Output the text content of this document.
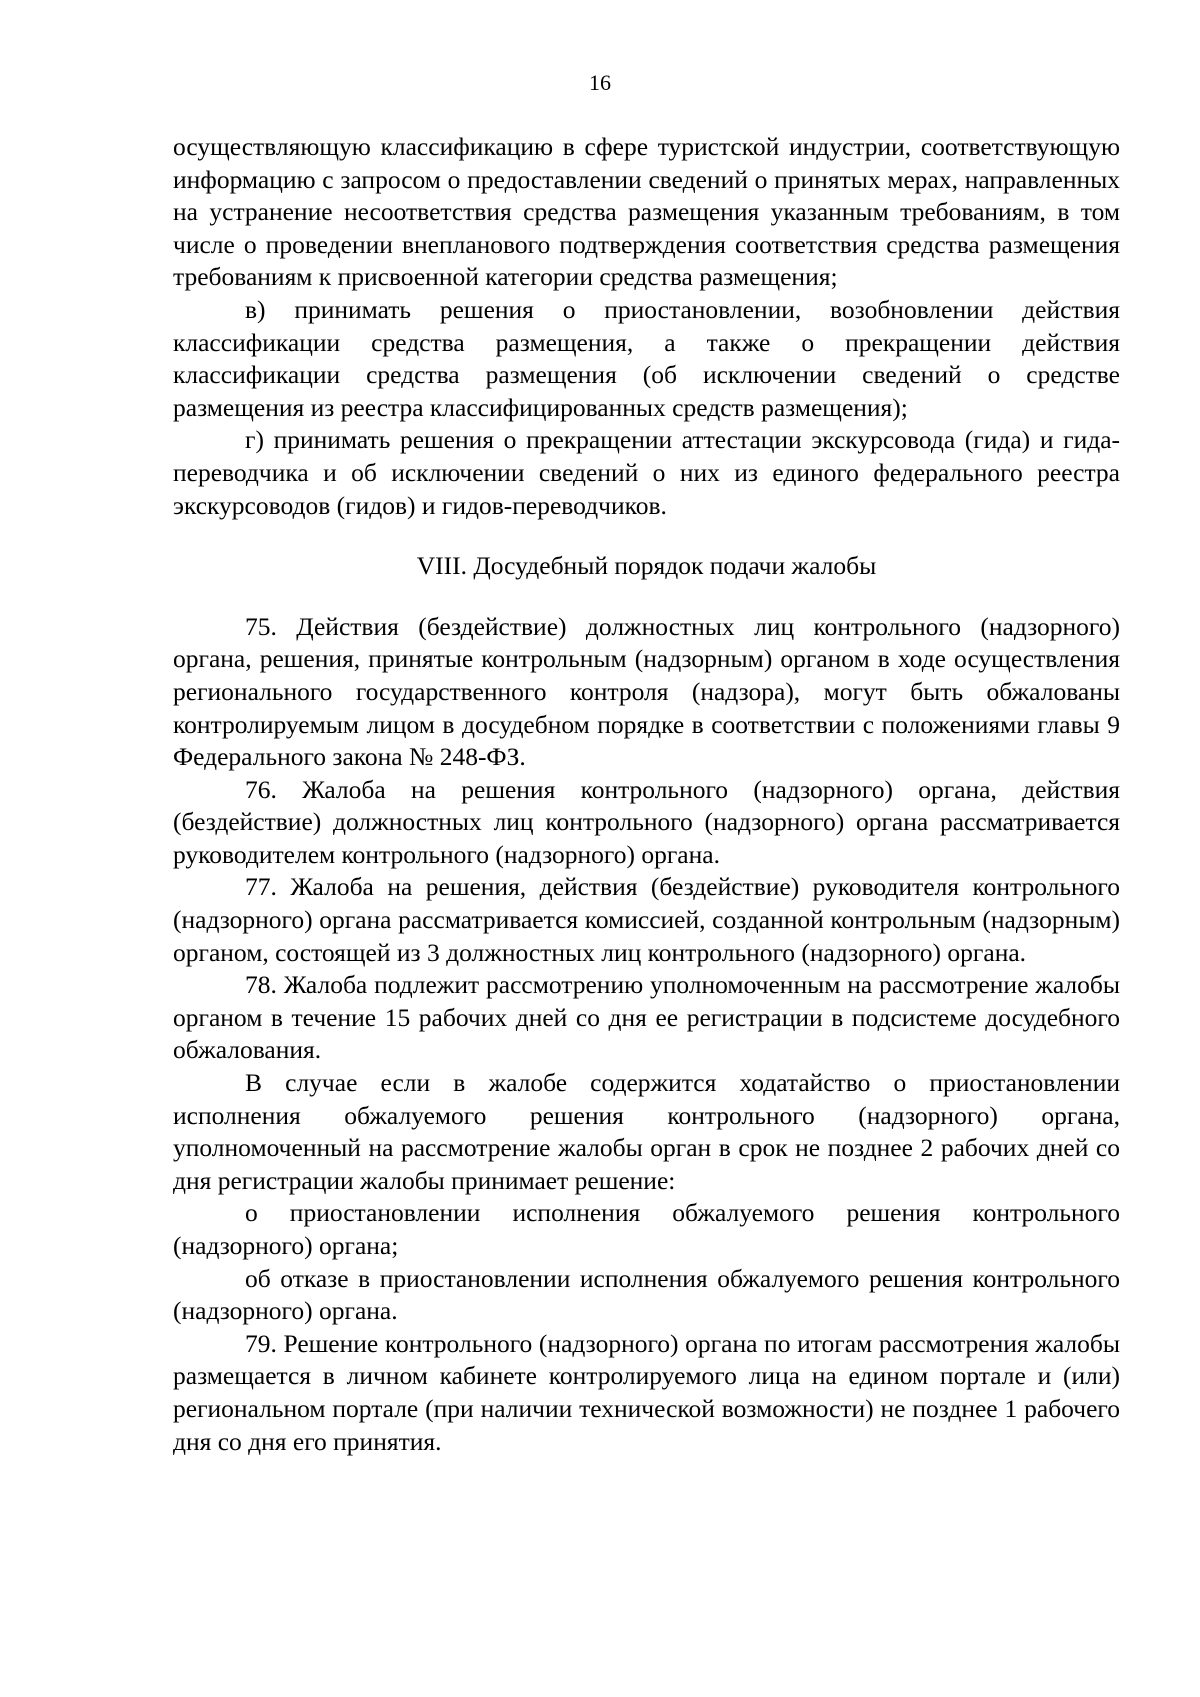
16

осуществляющую классификацию в сфере туристской индустрии, соответствующую информацию с запросом о предоставлении сведений о принятых мерах, направленных на устранение несоответствия средства размещения указанным требованиям, в том числе о проведении внепланового подтверждения соответствия средства размещения требованиям к присвоенной категории средства размещения;

в) принимать решения о приостановлении, возобновлении действия классификации средства размещения, а также о прекращении действия классификации средства размещения (об исключении сведений о средстве размещения из реестра классифицированных средств размещения);

г) принимать решения о прекращении аттестации экскурсовода (гида) и гида-переводчика и об исключении сведений о них из единого федерального реестра экскурсоводов (гидов) и гидов-переводчиков.

VIII. Досудебный порядок подачи жалобы

75. Действия (бездействие) должностных лиц контрольного (надзорного) органа, решения, принятые контрольным (надзорным) органом в ходе осуществления регионального государственного контроля (надзора), могут быть обжалованы контролируемым лицом в досудебном порядке в соответствии с положениями главы 9 Федерального закона № 248-ФЗ.

76. Жалоба на решения контрольного (надзорного) органа, действия (бездействие) должностных лиц контрольного (надзорного) органа рассматривается руководителем контрольного (надзорного) органа.

77. Жалоба на решения, действия (бездействие) руководителя контрольного (надзорного) органа рассматривается комиссией, созданной контрольным (надзорным) органом, состоящей из 3 должностных лиц контрольного (надзорного) органа.

78. Жалоба подлежит рассмотрению уполномоченным на рассмотрение жалобы органом в течение 15 рабочих дней со дня ее регистрации в подсистеме досудебного обжалования.

В случае если в жалобе содержится ходатайство о приостановлении исполнения обжалуемого решения контрольного (надзорного) органа, уполномоченный на рассмотрение жалобы орган в срок не позднее 2 рабочих дней со дня регистрации жалобы принимает решение:

о приостановлении исполнения обжалуемого решения контрольного (надзорного) органа;

об отказе в приостановлении исполнения обжалуемого решения контрольного (надзорного) органа.

79. Решение контрольного (надзорного) органа по итогам рассмотрения жалобы размещается в личном кабинете контролируемого лица на едином портале и (или) региональном портале (при наличии технической возможности) не позднее 1 рабочего дня со дня его принятия.
